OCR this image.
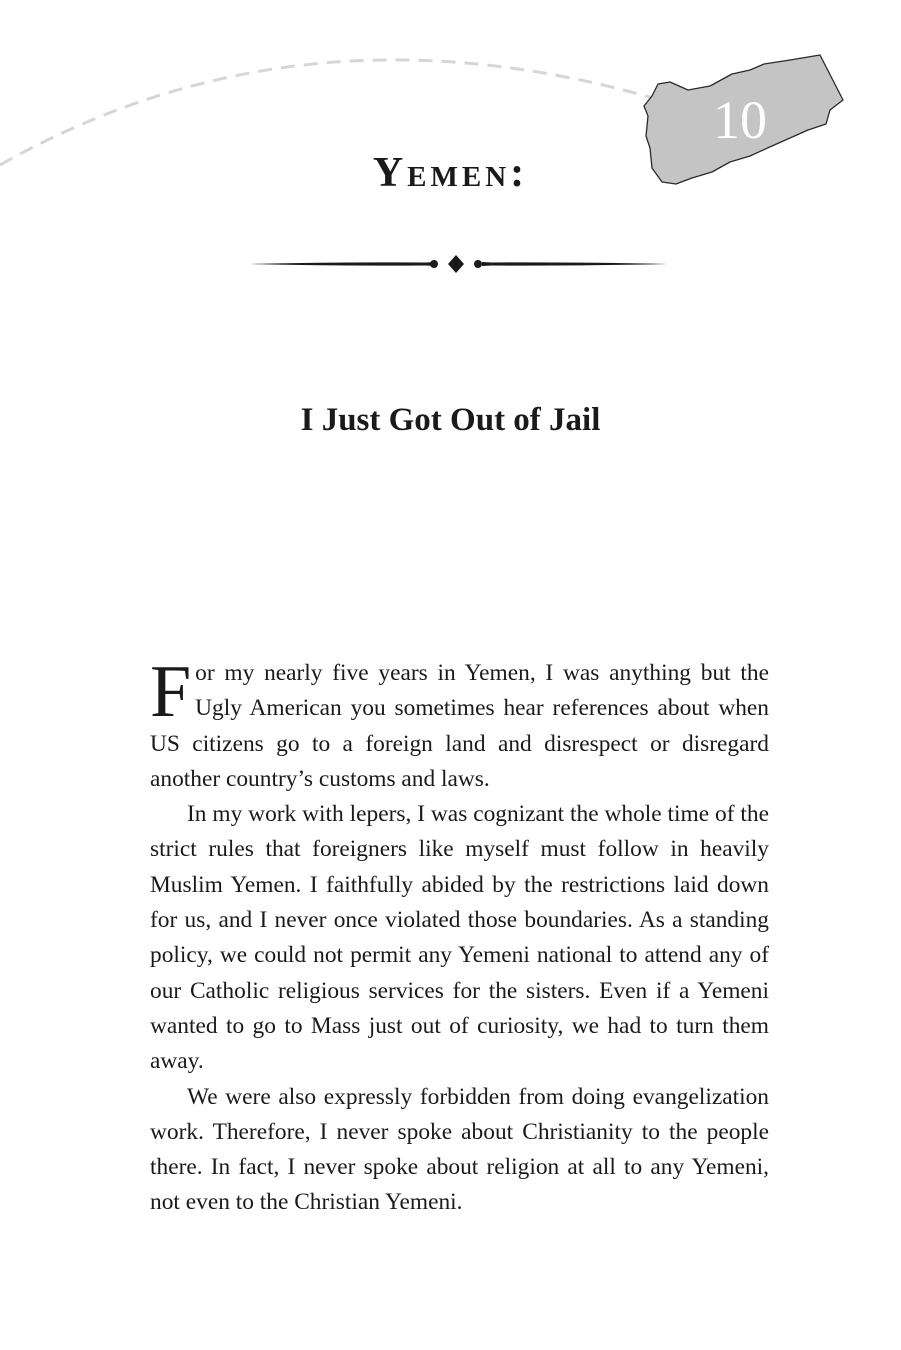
10
Yemen:
I Just Got Out of Jail

For my nearly five years in Yemen, I was anything but the Ugly American you sometimes hear references about when US citizens go to a foreign land and disrespect or disregard another country’s customs and laws.

In my work with lepers, I was cognizant the whole time of the strict rules that foreigners like myself must follow in heavily Muslim Yemen. I faithfully abided by the restrictions laid down for us, and I never once violated those boundaries. As a standing policy, we could not permit any Yemeni national to attend any of our Catholic religious services for the sisters. Even if a Yemeni wanted to go to Mass just out of curiosity, we had to turn them away.

We were also expressly forbidden from doing evangelization work. Therefore, I never spoke about Christianity to the people there. In fact, I never spoke about religion at all to any Yemeni, not even to the Christian Yemeni.
